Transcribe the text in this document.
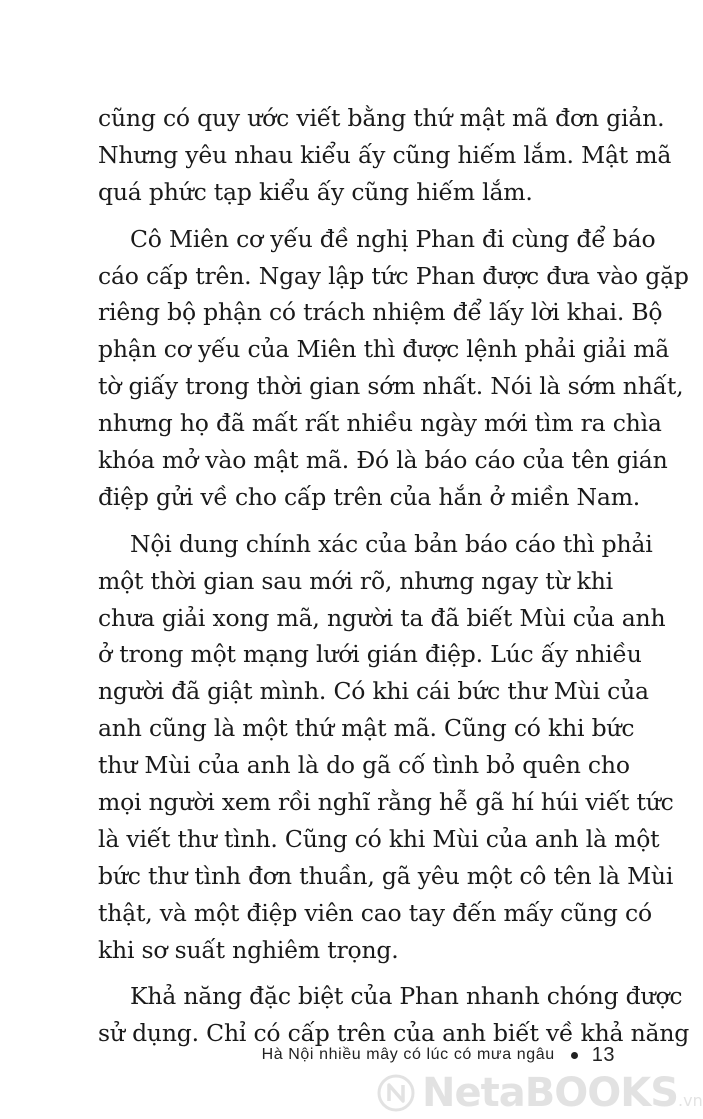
cũng có quy ước viết bằng thứ mật mã đơn giản.
Nhưng yêu nhau kiểu ấy cũng hiếm lắm. Mật mã
quá phức tạp kiểu ấy cũng hiếm lắm.
Cô Miên cơ yếu đề nghị Phan đi cùng để báo
cáo cấp trên. Ngay lập tức Phan được đưa vào gặp
riêng bộ phận có trách nhiệm để lấy lời khai. Bộ
phận cơ yếu của Miên thì được lệnh phải giải mã
tờ giấy trong thời gian sớm nhất. Nói là sớm nhất,
nhưng họ đã mất rất nhiều ngày mới tìm ra chìa
khóa mở vào mật mã. Đó là báo cáo của tên gián
điệp gửi về cho cấp trên của hắn ở miền Nam.
Nội dung chính xác của bản báo cáo thì phải
một thời gian sau mới rõ, nhưng ngay từ khi
chưa giải xong mã, người ta đã biết Mùi của anh
ở trong một mạng lưới gián điệp. Lúc ấy nhiều
người đã giật mình. Có khi cái bức thư Mùi của
anh cũng là một thứ mật mã. Cũng có khi bức
thư Mùi của anh là do gã cố tình bỏ quên cho
mọi người xem rồi nghĩ rằng hễ gã hí húi viết tức
là viết thư tình. Cũng có khi Mùi của anh là một
bức thư tình đơn thuần, gã yêu một cô tên là Mùi
thật, và một điệp viên cao tay đến mấy cũng có
khi sơ suất nghiêm trọng.
Khả năng đặc biệt của Phan nhanh chóng được
sử dụng. Chỉ có cấp trên của anh biết về khả năng
Hà Nội nhiều mây có lúc có mưa ngâu 13
NetaBOOKS .vn
